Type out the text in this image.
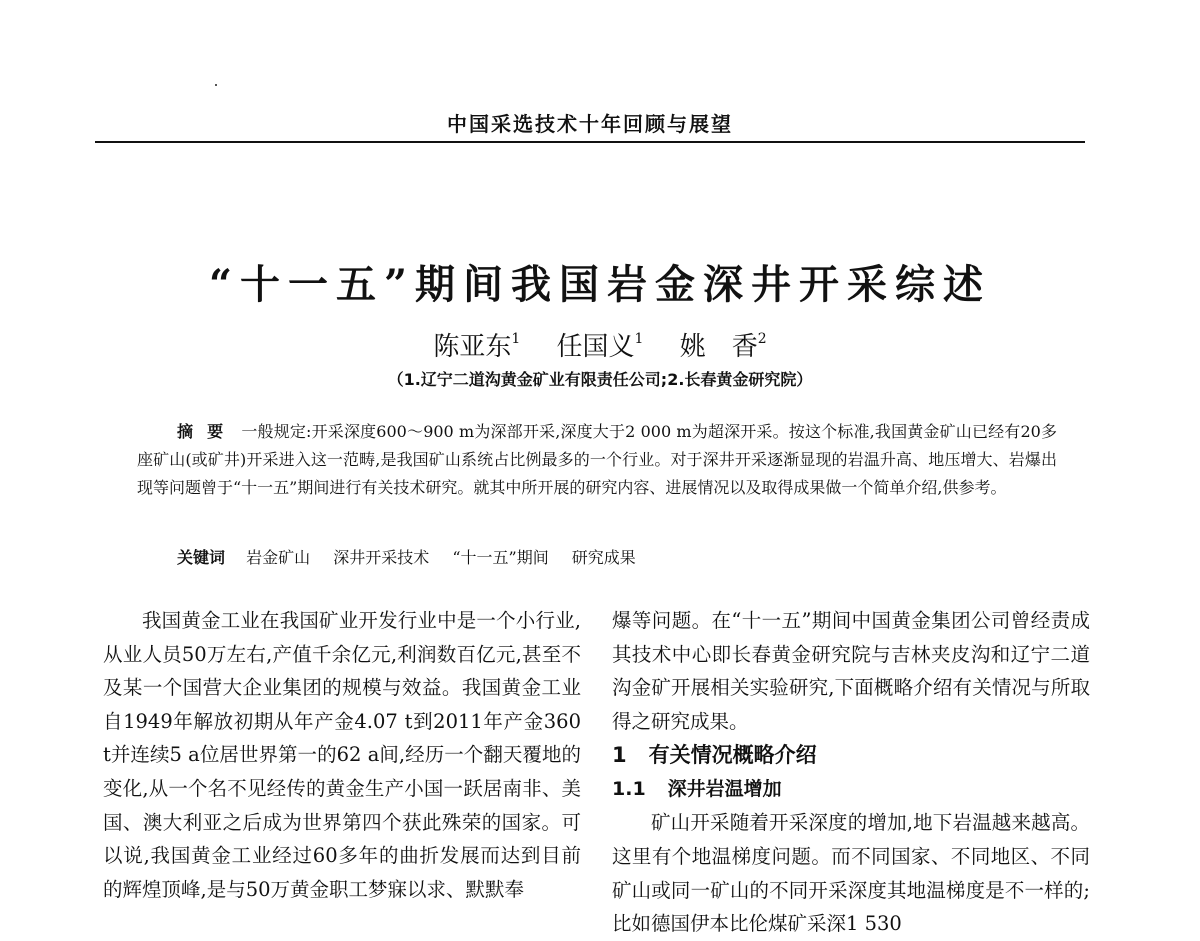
中国采选技术十年回顾与展望
“十一五”期间我国岩金深井开采综述
陈亚东$^1$ 任国义$^1$ 姚　香$^2$
（1.辽宁二道沟黄金矿业有限责任公司;2.长春黄金研究院）

摘要 一般规定:开采深度600～900 m为深部开采,深度大于2 000 m为超深开采。按这个标准,我国黄金矿山已经有20多座矿山(或矿井)开采进入这一范畴,是我国矿山系统占比例最多的一个行业。对于深井开采逐渐显现的岩温升高、地压增大、岩爆出现等问题曾于“十一五”期间进行有关技术研究。就其中所开展的研究内容、进展情况以及取得成果做一个简单介绍,供参考。

关键词 岩金矿山 深井开采技术 “十一五”期间 研究成果

我国黄金工业在我国矿业开发行业中是一个小行业,从业人员50万左右,产值千余亿元,利润数百亿元,甚至不及某一个国营大企业集团的规模与效益。我国黄金工业自1949年解放初期从年产金4.07 t到2011年产金360 t并连续5 a位居世界第一的62 a间,经历一个翻天覆地的变化,从一个名不见经传的黄金生产小国一跃居南非、美国、澳大利亚之后成为世界第四个获此殊荣的国家。可以说,我国黄金工业经过60多年的曲折发展而达到目前的辉煌顶峰,是与50万黄金职工梦寐以求、默默奉

爆等问题。在“十一五”期间中国黄金集团公司曾经责成其技术中心即长春黄金研究院与吉林夹皮沟和辽宁二道沟金矿开展相关实验研究,下面概略介绍有关情况与所取得之研究成果。

1 有关情况概略介绍
1.1 深井岩温增加

矿山开采随着开采深度的增加,地下岩温越来越高。这里有个地温梯度问题。而不同国家、不同地区、不同矿山或同一矿山的不同开采深度其地温梯度是不一样的;比如德国伊本比伦煤矿采深1 530
